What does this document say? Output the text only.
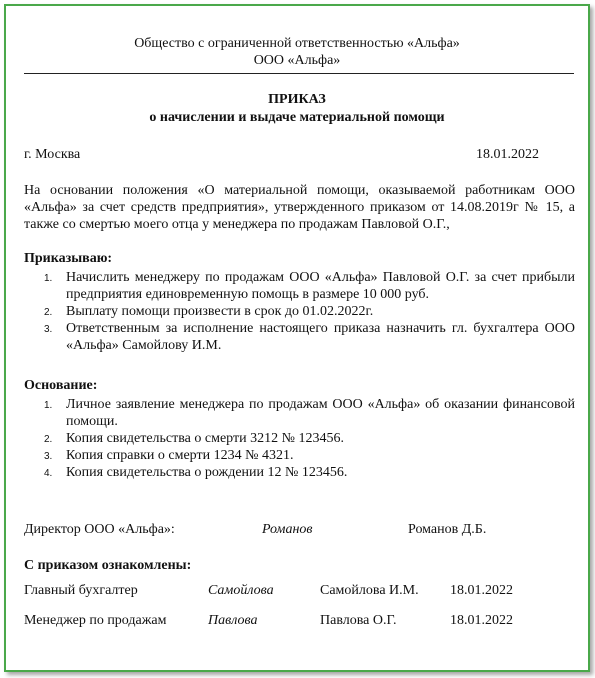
Общество с ограниченной ответственностью «Альфа»
ООО «Альфа»
ПРИКАЗ
о начислении и выдаче материальной помощи
г. Москва	18.01.2022
На основании положения «О материальной помощи, оказываемой работникам ООО «Альфа» за счет средств предприятия», утвержденного приказом от 14.08.2019г № 15, а также со смертью моего отца у менеджера по продажам Павловой О.Г.,
Приказываю:
1. Начислить менеджеру по продажам ООО «Альфа» Павловой О.Г. за счет прибыли предприятия единовременную помощь в размере 10 000 руб.
2. Выплату помощи произвести в срок до 01.02.2022г.
3. Ответственным за исполнение настоящего приказа назначить гл. бухгалтера ООО «Альфа» Самойлову И.М.
Основание:
1. Личное заявление менеджера по продажам ООО «Альфа» об оказании финансовой помощи.
2. Копия свидетельства о смерти 3212 № 123456.
3. Копия справки о смерти 1234 № 4321.
4. Копия свидетельства о рождении 12 № 123456.
Директор ООО «Альфа»:	Романов	Романов Д.Б.
С приказом ознакомлены:
Главный бухгалтер	Самойлова	Самойлова И.М. 18.01.2022
Менеджер по продажам	Павлова	Павлова О.Г.	18.01.2022
